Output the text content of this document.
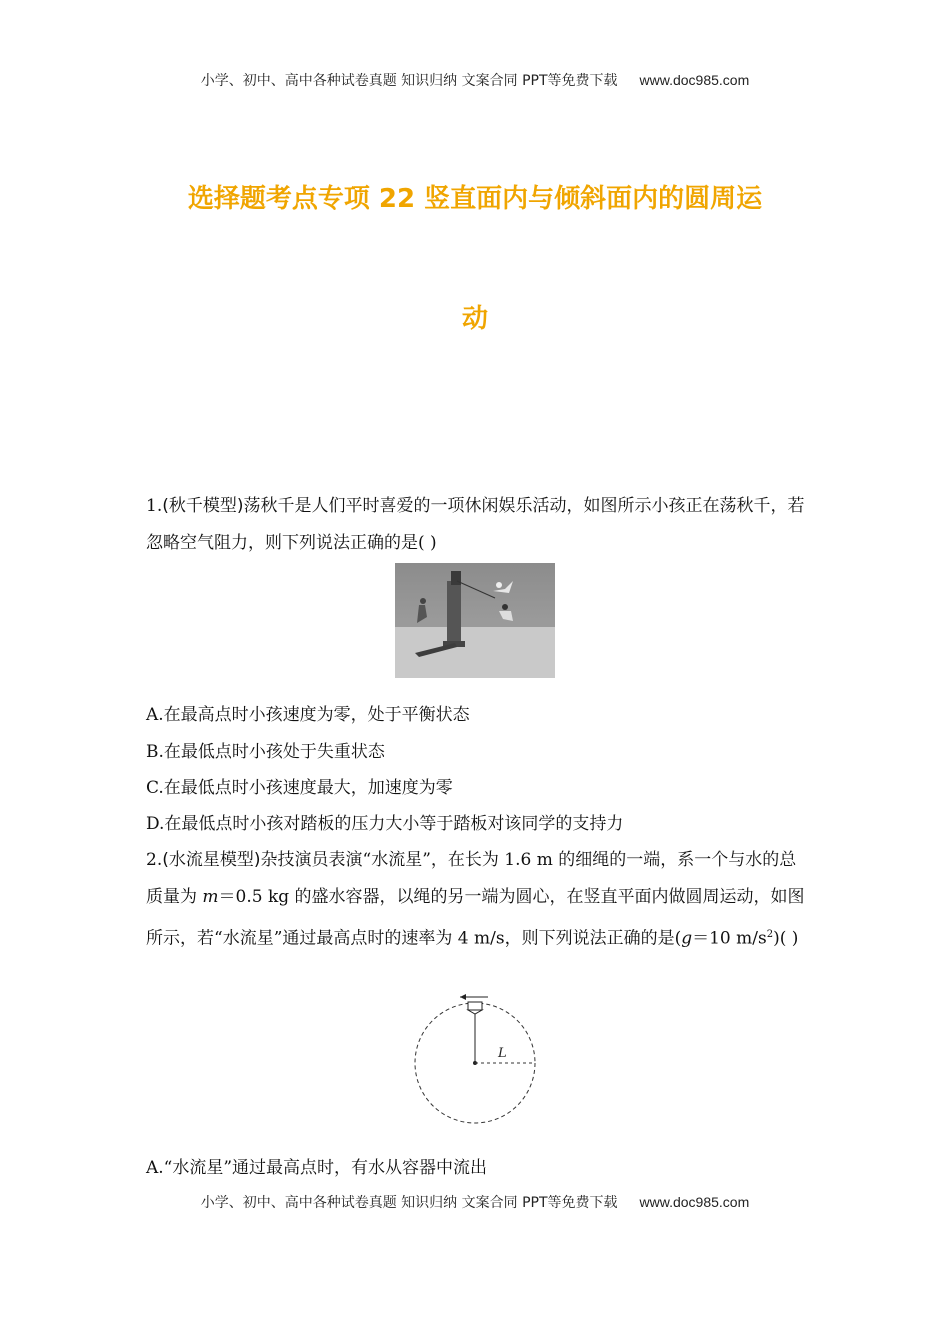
小学、初中、高中各种试卷真题 知识归纳 文案合同 PPT等免费下载 www.doc985.com
选择题考点专项 22 竖直面内与倾斜面内的圆周运
动
1.(秋千模型)荡秋千是人们平时喜爱的一项休闲娱乐活动，如图所示小孩正在荡秋千，若忽略空气阻力，则下列说法正确的是( )
A.在最高点时小孩速度为零，处于平衡状态
B.在最低点时小孩处于失重状态
C.在最低点时小孩速度最大，加速度为零
D.在最低点时小孩对踏板的压力大小等于踏板对该同学的支持力
2.(水流星模型)杂技演员表演“水流星”，在长为 1.6 m 的细绳的一端，系一个与水的总质量为 m＝0.5 kg 的盛水容器，以绳的另一端为圆心，在竖直平面内做圆周运动，如图所示，若“水流星”通过最高点时的速率为 4 m/s，则下列说法正确的是(g＝10 $m/s^2$)( )
L
A.“水流星”通过最高点时，有水从容器中流出
小学、初中、高中各种试卷真题 知识归纳 文案合同 PPT等免费下载 www.doc985.com
